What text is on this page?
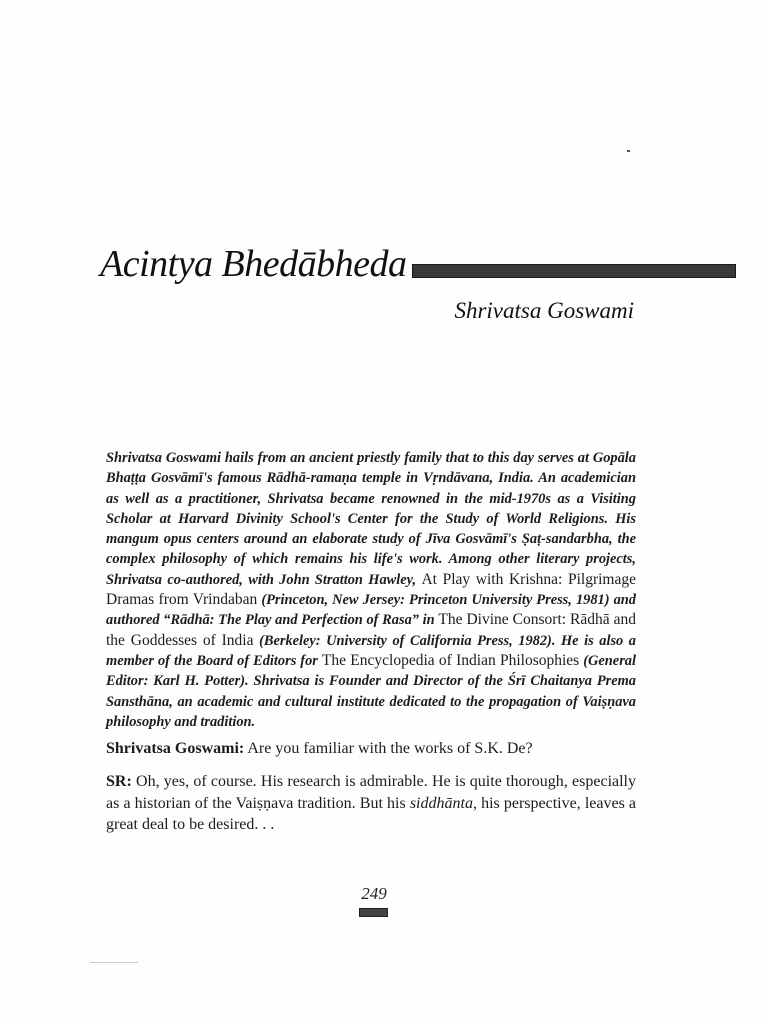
Acintya Bhedābheda
Shrivatsa Goswami
Shrivatsa Goswami hails from an ancient priestly family that to this day serves at Gopāla Bhaṭṭa Gosvāmī's famous Rādhā-ramaṇa temple in Vṛndāvana, India. An academician as well as a practitioner, Shrivatsa became renowned in the mid-1970s as a Visiting Scholar at Harvard Divinity School's Center for the Study of World Religions. His mangum opus centers around an elaborate study of Jīva Gosvāmī's Ṣaṭ-sandarbha, the complex philosophy of which remains his life's work. Among other literary projects, Shrivatsa co-authored, with John Stratton Hawley, At Play with Krishna: Pilgrimage Dramas from Vrindaban (Princeton, New Jersey: Princeton University Press, 1981) and authored “Rādhā: The Play and Perfection of Rasa” in The Divine Consort: Rādhā and the Goddesses of India (Berkeley: University of California Press, 1982). He is also a member of the Board of Editors for The Encyclopedia of Indian Philosophies (General Editor: Karl H. Potter). Shrivatsa is Founder and Director of the Śrī Chaitanya Prema Sansthāna, an academic and cultural institute dedicated to the propagation of Vaiṣṇava philosophy and tradition.
Shrivatsa Goswami: Are you familiar with the works of S.K. De?
SR: Oh, yes, of course. His research is admirable. He is quite thorough, especially as a historian of the Vaiṣṇava tradition. But his siddhānta, his perspective, leaves a great deal to be desired. . .
249
